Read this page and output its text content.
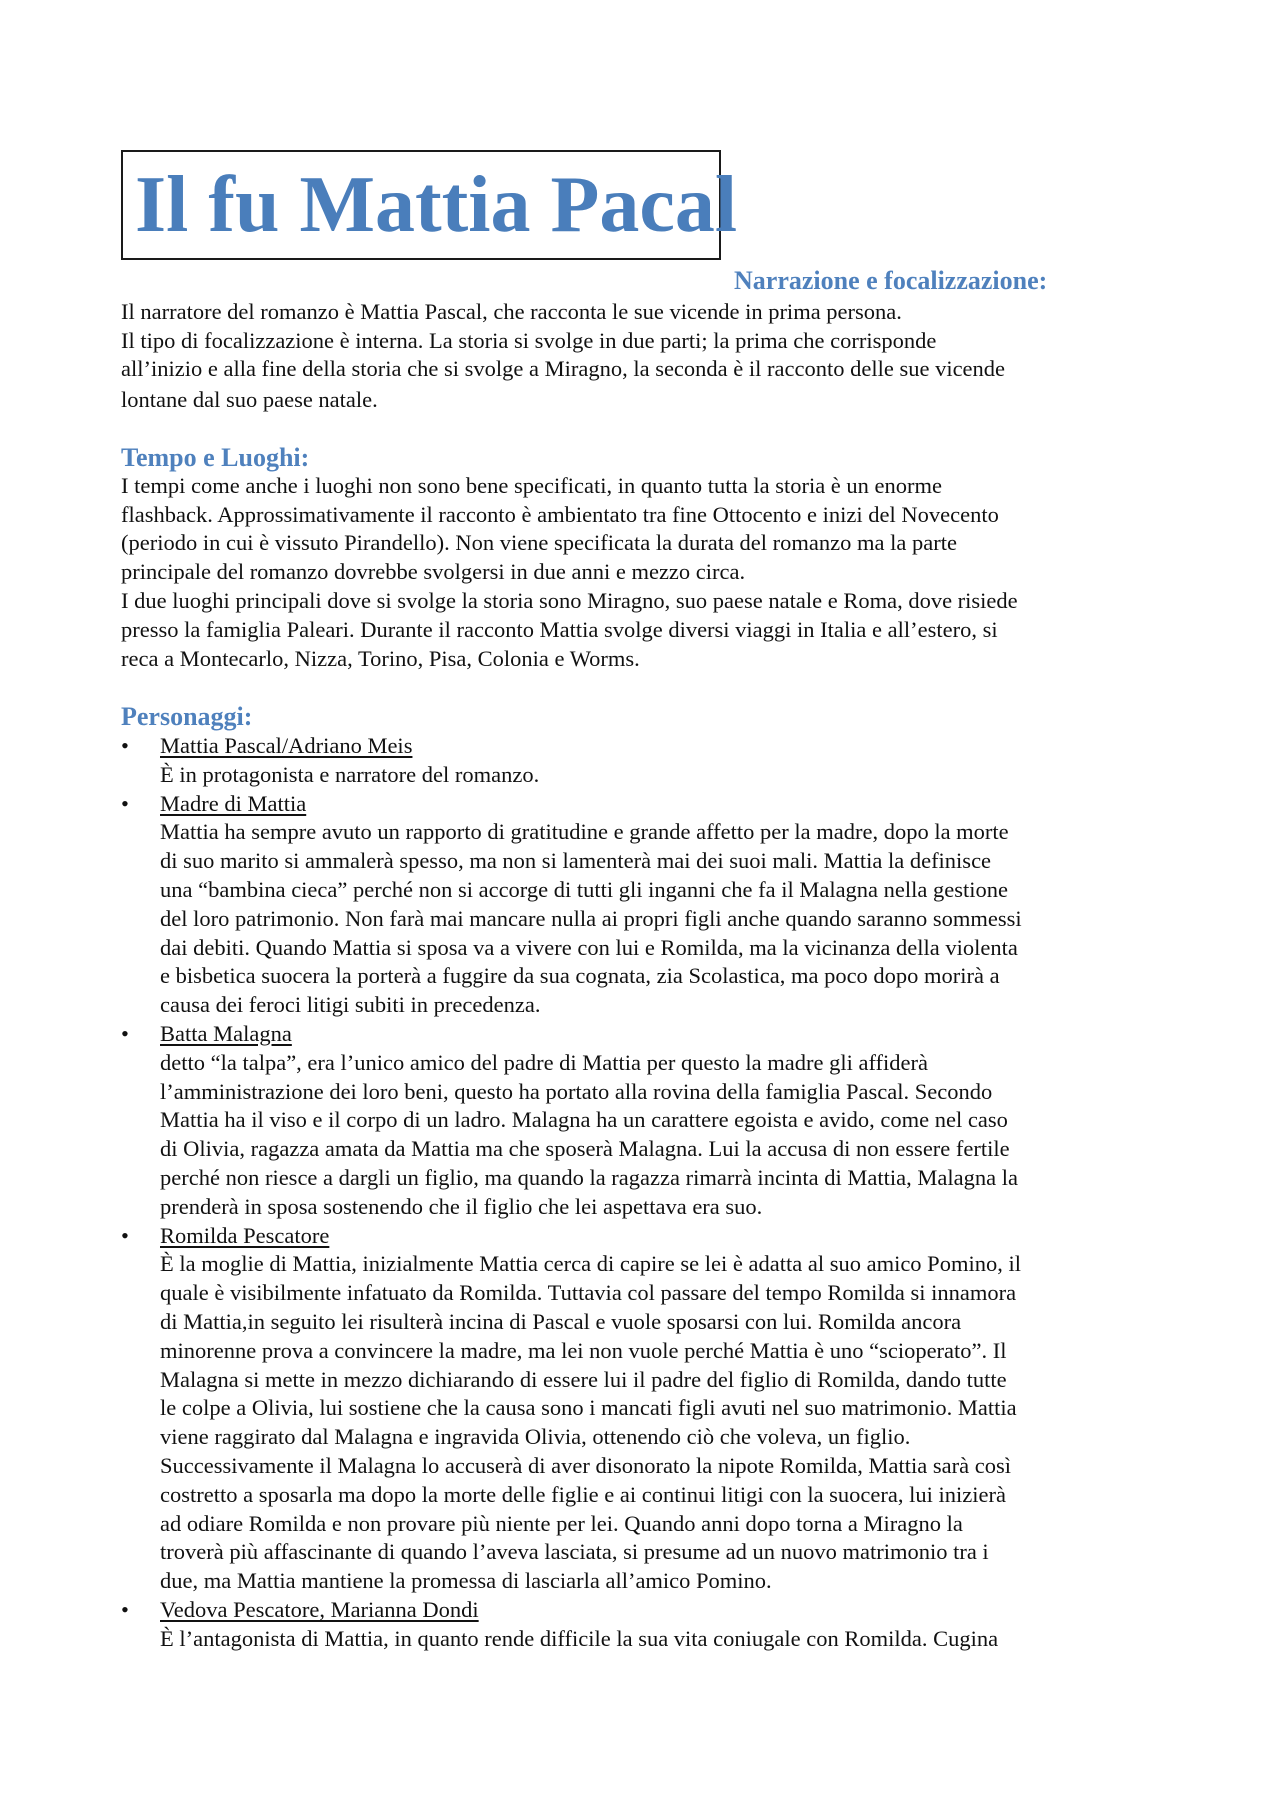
Il fu Mattia Pacal
Narrazione e focalizzazione:
Il narratore del romanzo è Mattia Pascal, che racconta le sue vicende in prima persona.
Il tipo di focalizzazione è interna. La storia si svolge in due parti; la prima che corrisponde
all’inizio e alla fine della storia che si svolge a Miragno, la seconda è il racconto delle sue vicende
lontane dal suo paese natale.
Tempo e Luoghi:
I tempi come anche i luoghi non sono bene specificati, in quanto tutta la storia è un enorme
flashback. Approssimativamente il racconto è ambientato tra fine Ottocento e inizi del Novecento
(periodo in cui è vissuto Pirandello). Non viene specificata la durata del romanzo ma la parte
principale del romanzo dovrebbe svolgersi in due anni e mezzo circa.
I due luoghi principali dove si svolge la storia sono Miragno, suo paese natale e Roma, dove risiede
presso la famiglia Paleari. Durante il racconto Mattia svolge diversi viaggi in Italia e all’estero, si
reca a Montecarlo, Nizza, Torino, Pisa, Colonia e Worms.
Personaggi:
• Mattia Pascal/Adriano Meis
È in protagonista e narratore del romanzo.
• Madre di Mattia
Mattia ha sempre avuto un rapporto di gratitudine e grande affetto per la madre, dopo la morte
di suo marito si ammalerà spesso, ma non si lamenterà mai dei suoi mali. Mattia la definisce
una “bambina cieca” perché non si accorge di tutti gli inganni che fa il Malagna nella gestione
del loro patrimonio. Non farà mai mancare nulla ai propri figli anche quando saranno sommessi
dai debiti. Quando Mattia si sposa va a vivere con lui e Romilda, ma la vicinanza della violenta
e bisbetica suocera la porterà a fuggire da sua cognata, zia Scolastica, ma poco dopo morirà a
causa dei feroci litigi subiti in precedenza.
• Batta Malagna
detto “la talpa”, era l’unico amico del padre di Mattia per questo la madre gli affiderà
l’amministrazione dei loro beni, questo ha portato alla rovina della famiglia Pascal. Secondo
Mattia ha il viso e il corpo di un ladro. Malagna ha un carattere egoista e avido, come nel caso
di Olivia, ragazza amata da Mattia ma che sposerà Malagna. Lui la accusa di non essere fertile
perché non riesce a dargli un figlio, ma quando la ragazza rimarrà incinta di Mattia, Malagna la
prenderà in sposa sostenendo che il figlio che lei aspettava era suo.
• Romilda Pescatore
È la moglie di Mattia, inizialmente Mattia cerca di capire se lei è adatta al suo amico Pomino, il
quale è visibilmente infatuato da Romilda. Tuttavia col passare del tempo Romilda si innamora
di Mattia,in seguito lei risulterà incina di Pascal e vuole sposarsi con lui. Romilda ancora
minorenne prova a convincere la madre, ma lei non vuole perché Mattia è uno “scioperato”. Il
Malagna si mette in mezzo dichiarando di essere lui il padre del figlio di Romilda, dando tutte
le colpe a Olivia, lui sostiene che la causa sono i mancati figli avuti nel suo matrimonio. Mattia
viene raggirato dal Malagna e ingravida Olivia, ottenendo ciò che voleva, un figlio.
Successivamente il Malagna lo accuserà di aver disonorato la nipote Romilda, Mattia sarà così
costretto a sposarla ma dopo la morte delle figlie e ai continui litigi con la suocera, lui inizierà
ad odiare Romilda e non provare più niente per lei. Quando anni dopo torna a Miragno la
troverà più affascinante di quando l’aveva lasciata, si presume ad un nuovo matrimonio tra i
due, ma Mattia mantiene la promessa di lasciarla all’amico Pomino.
• Vedova Pescatore, Marianna Dondi
È l’antagonista di Mattia, in quanto rende difficile la sua vita coniugale con Romilda. Cugina
